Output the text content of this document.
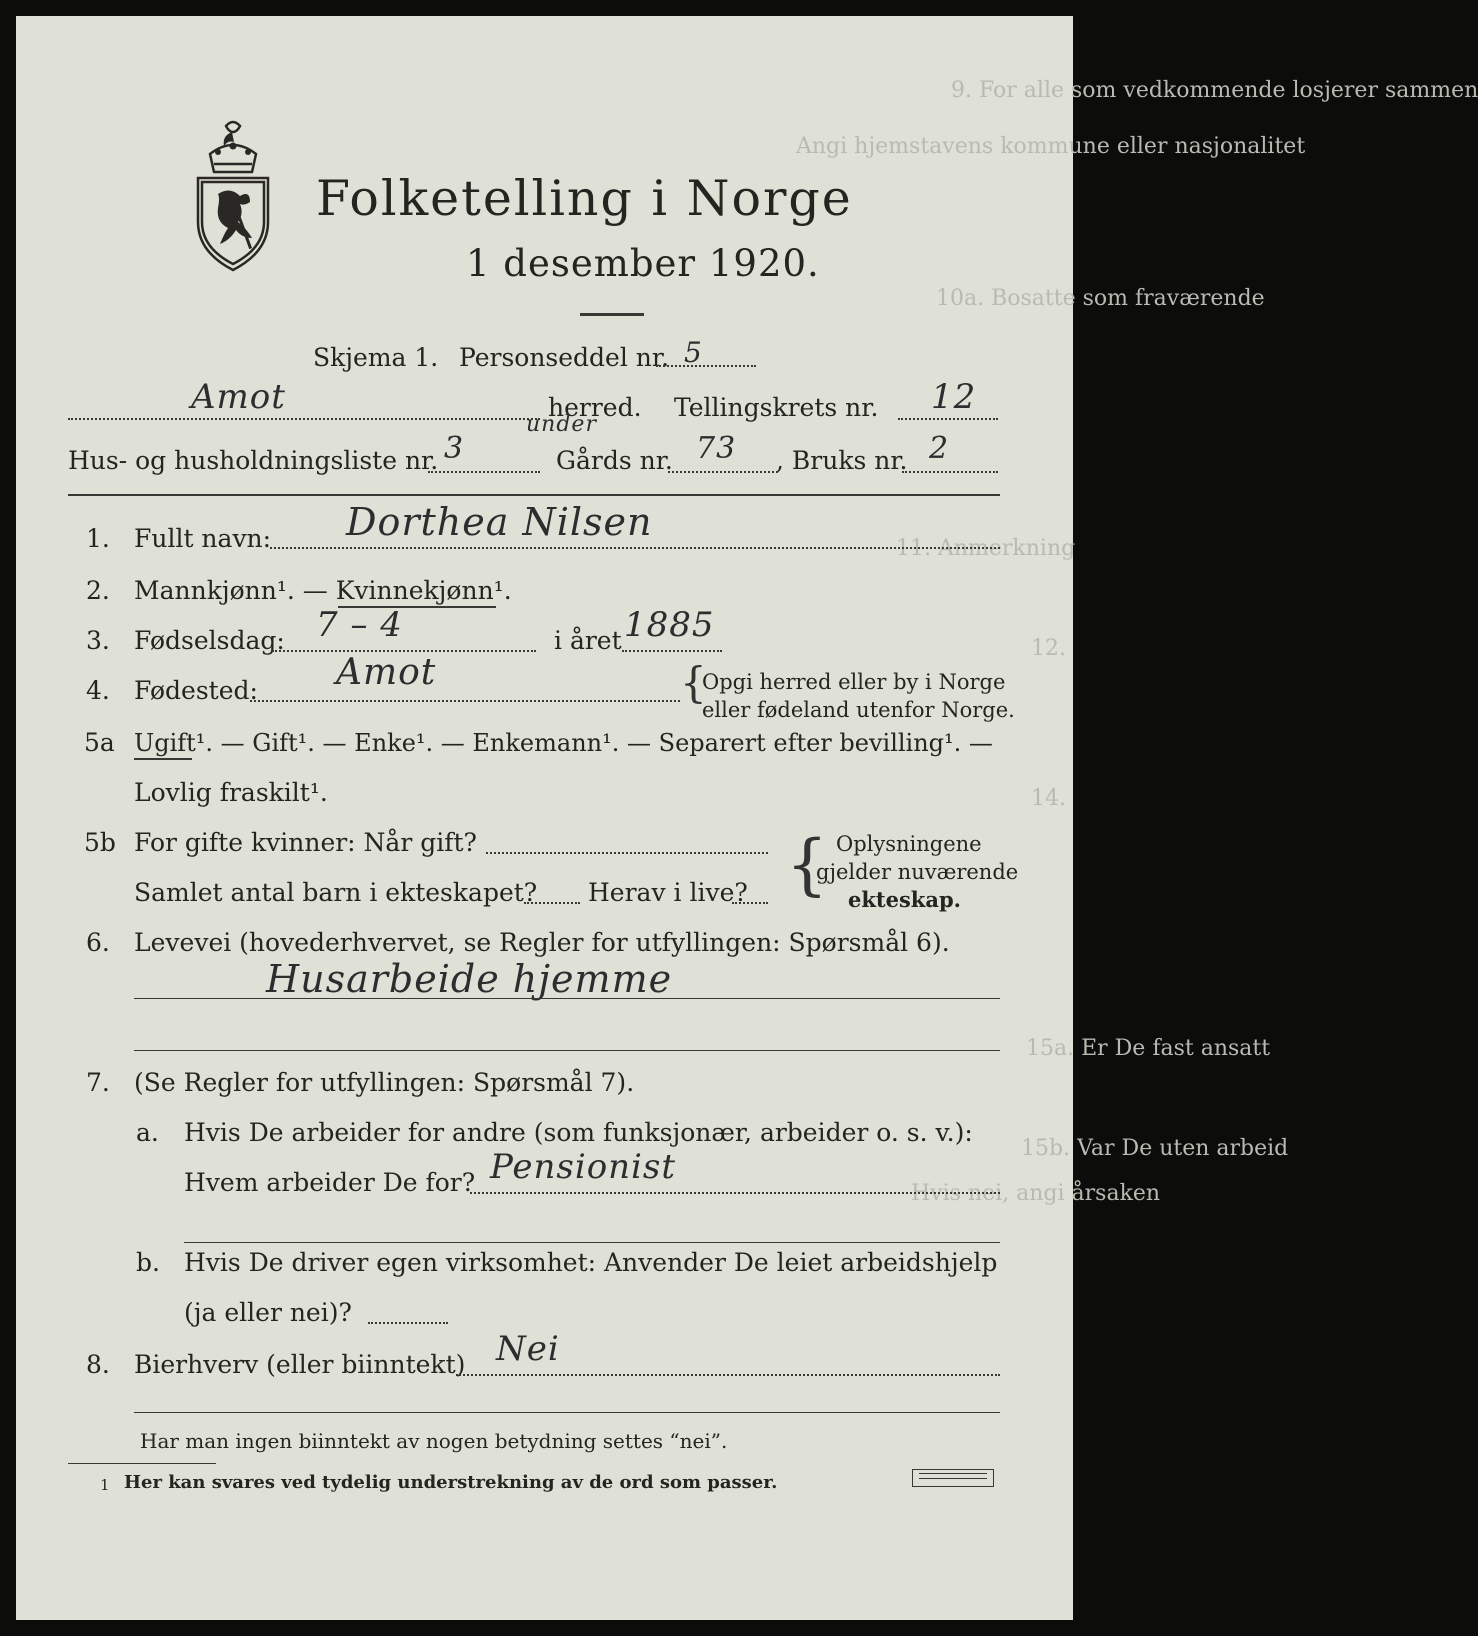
9. For alle som vedkommende losjerer sammen
Angi hjemstavens kommune eller nasjonalitet
10a. Bosatte som fraværende
11. Anmerkning
12.
14.
15a. Er De fast ansatt
15b. Var De uten arbeid
Hvis nei, angi årsaken
Folketelling i Norge
1 desember 1920.
Skjema 1. Personseddel nr. 5
Amot	herred. Tellingskrets nr. 12
Hus- og husholdningsliste nr. 3
under
Gårds nr. 73 , Bruks nr. 2
1. Fullt navn: Dorthea Nilsen
2. Mannkjønn¹. — Kvinnekjønn¹.
3. Fødselsdag: 7 – 4	i året 1885
4. Fødested: Amot	{
Opgi herred eller by i Norge
eller fødeland utenfor Norge.
5a Ugift¹. — Gift¹. — Enke¹. — Enkemann¹. — Separert efter bevilling¹. —
Lovlig fraskilt¹.
5b For gifte kvinner: Når gift?
Samlet antal barn i ekteskapet? Herav i live? { Oplysningene
gjelder nuværende
ekteskap.
6. Levevei (hovederhvervet, se Regler for utfyllingen: Spørsmål 6).
Husarbeide hjemme
7. (Se Regler for utfyllingen: Spørsmål 7).
a. Hvis De arbeider for andre (som funksjonær, arbeider o. s. v.):
Hvem arbeider De for? Pensionist
b. Hvis De driver egen virksomhet: Anvender De leiet arbeidshjelp
(ja eller nei)?
8. Bierhverv (eller biinntekt) Nei
Har man ingen biinntekt av nogen betydning settes “nei”.
1 Her kan svares ved tydelig understrekning av de ord som passer.
